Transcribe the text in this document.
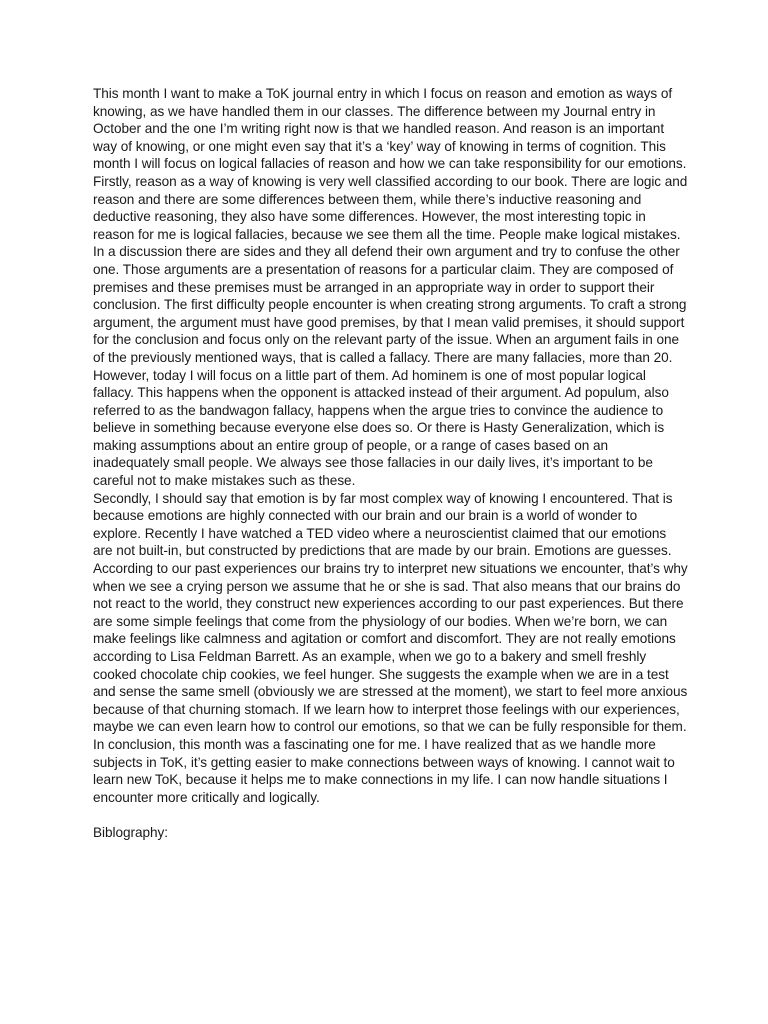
This month I want to make a ToK journal entry in which I focus on reason and emotion as ways of knowing, as we have handled them in our classes. The difference between my Journal entry in October and the one I’m writing right now is that we handled reason. And reason is an important way of knowing, or one might even say that it’s a ‘key’ way of knowing in terms of cognition. This month I will focus on logical fallacies of reason and how we can take responsibility for our emotions.

Firstly, reason as a way of knowing is very well classified according to our book. There are logic and reason and there are some differences between them, while there’s inductive reasoning and deductive reasoning, they also have some differences. However, the most interesting topic in reason for me is logical fallacies, because we see them all the time. People make logical mistakes. In a discussion there are sides and they all defend their own argument and try to confuse the other one. Those arguments are a presentation of reasons for a particular claim. They are composed of premises and these premises must be arranged in an appropriate way in order to support their conclusion. The first difficulty people encounter is when creating strong arguments. To craft a strong argument, the argument must have good premises, by that I mean valid premises, it should support for the conclusion and focus only on the relevant party of the issue. When an argument fails in one of the previously mentioned ways, that is called a fallacy. There are many fallacies, more than 20. However, today I will focus on a little part of them. Ad hominem is one of most popular logical fallacy. This happens when the opponent is attacked instead of their argument. Ad populum, also referred to as the bandwagon fallacy, happens when the argue tries to convince the audience to believe in something because everyone else does so. Or there is Hasty Generalization, which is making assumptions about an entire group of people, or a range of cases based on an inadequately small people. We always see those fallacies in our daily lives, it’s important to be careful not to make mistakes such as these.

Secondly, I should say that emotion is by far most complex way of knowing I encountered. That is because emotions are highly connected with our brain and our brain is a world of wonder to explore. Recently I have watched a TED video where a neuroscientist claimed that our emotions are not built-in, but constructed by predictions that are made by our brain. Emotions are guesses. According to our past experiences our brains try to interpret new situations we encounter, that’s why when we see a crying person we assume that he or she is sad. That also means that our brains do not react to the world, they construct new experiences according to our past experiences. But there are some simple feelings that come from the physiology of our bodies. When we’re born, we can make feelings like calmness and agitation or comfort and discomfort. They are not really emotions according to Lisa Feldman Barrett. As an example, when we go to a bakery and smell freshly cooked chocolate chip cookies, we feel hunger. She suggests the example when we are in a test and sense the same smell (obviously we are stressed at the moment), we start to feel more anxious because of that churning stomach. If we learn how to interpret those feelings with our experiences, maybe we can even learn how to control our emotions, so that we can be fully responsible for them.

In conclusion, this month was a fascinating one for me. I have realized that as we handle more subjects in ToK, it’s getting easier to make connections between ways of knowing. I cannot wait to learn new ToK, because it helps me to make connections in my life. I can now handle situations I encounter more critically and logically.

Biblography:
